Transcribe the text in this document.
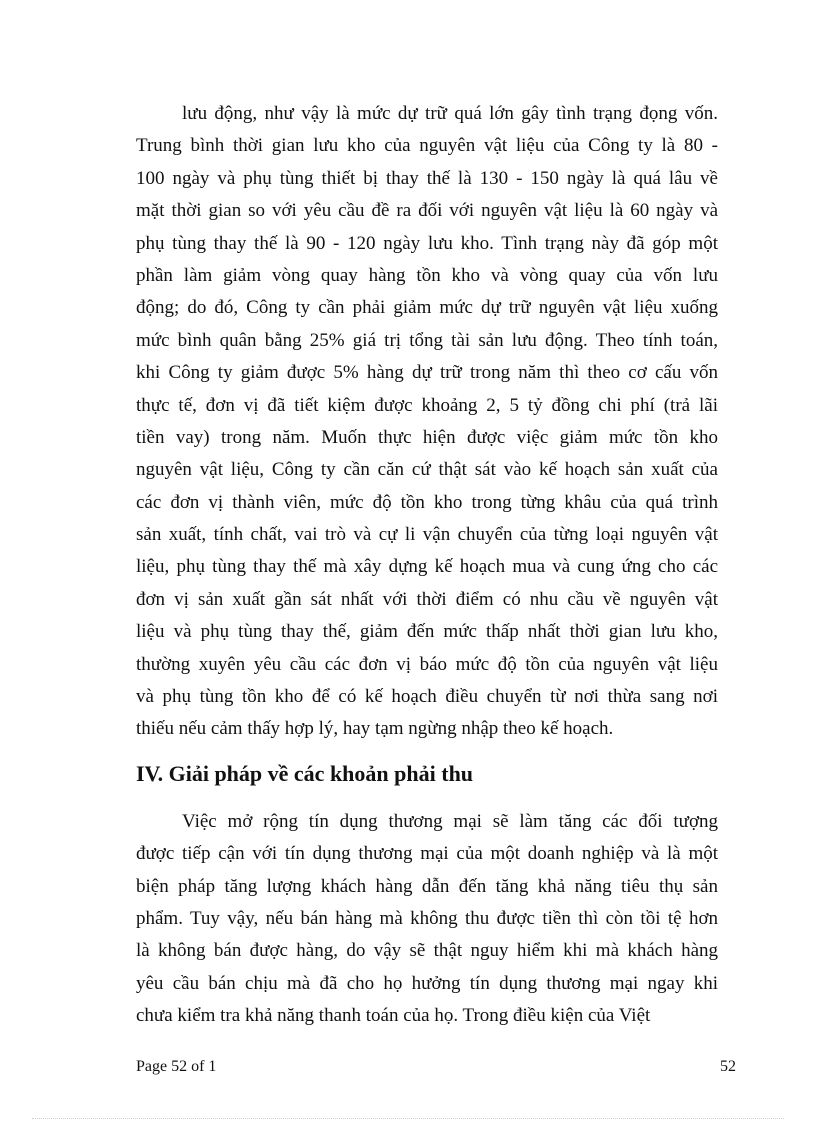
lưu động, như vậy là mức dự trữ quá lớn gây tình trạng đọng vốn.
Trung bình thời gian lưu kho của nguyên vật liệu của Công ty là 80 -
100 ngày và phụ tùng thiết bị thay thế là 130 - 150 ngày là quá lâu về
mặt thời gian so với yêu cầu đề ra đối với nguyên vật liệu là 60 ngày và
phụ tùng thay thế là 90 - 120 ngày lưu kho. Tình trạng này đã góp một
phần làm giảm vòng quay hàng tồn kho và vòng quay của vốn lưu
động; do đó, Công ty cần phải giảm mức dự trữ nguyên vật liệu xuống
mức bình quân bằng 25% giá trị tổng tài sản lưu động. Theo tính toán,
khi Công ty giảm được 5% hàng dự trữ trong năm thì theo cơ cấu vốn
thực tế, đơn vị đã tiết kiệm được khoảng 2, 5 tỷ đồng chi phí (trả lãi
tiền vay) trong năm. Muốn thực hiện được việc giảm mức tồn kho
nguyên vật liệu, Công ty cần căn cứ thật sát vào kế hoạch sản xuất của
các đơn vị thành viên, mức độ tồn kho trong từng khâu của quá trình
sản xuất, tính chất, vai trò và cự li vận chuyển của từng loại nguyên vật
liệu, phụ tùng thay thế mà xây dựng kế hoạch mua và cung ứng cho các
đơn vị sản xuất gần sát nhất với thời điểm có nhu cầu về nguyên vật
liệu và phụ tùng thay thế, giảm đến mức thấp nhất thời gian lưu kho,
thường xuyên yêu cầu các đơn vị báo mức độ tồn của nguyên vật liệu
và phụ tùng tồn kho để có kế hoạch điều chuyển từ nơi thừa sang nơi
thiếu nếu cảm thấy hợp lý, hay tạm ngừng nhập theo kế hoạch.
IV. Giải pháp về các khoản phải thu
Việc mở rộng tín dụng thương mại sẽ làm tăng các đối tượng
được tiếp cận với tín dụng thương mại của một doanh nghiệp và là một
biện pháp tăng lượng khách hàng dẫn đến tăng khả năng tiêu thụ sản
phẩm. Tuy vậy, nếu bán hàng mà không thu được tiền thì còn tồi tệ hơn
là không bán được hàng, do vậy sẽ thật nguy hiểm khi mà khách hàng
yêu cầu bán chịu mà đã cho họ hưởng tín dụng thương mại ngay khi
chưa kiểm tra khả năng thanh toán của họ. Trong điều kiện của Việt
Page 52 of 1	52
